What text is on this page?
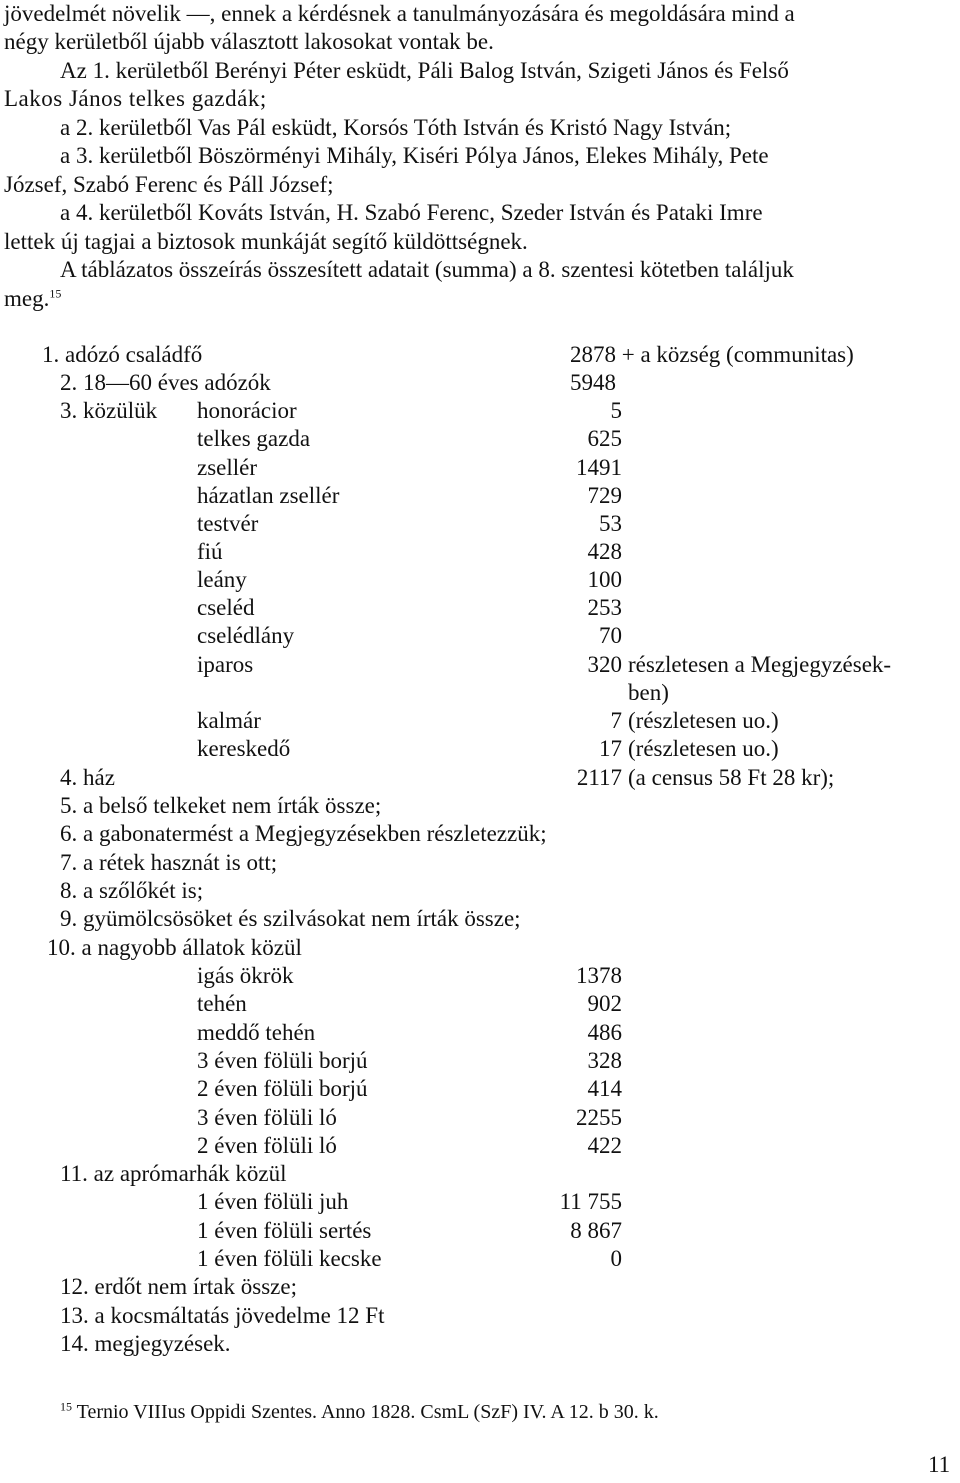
jövedelmét növelik —, ennek a kérdésnek a tanulmányozására és megoldására mind a
négy kerületből újabb választott lakosokat vontak be.
Az 1. kerületből Berényi Péter esküdt, Páli Balog István, Szigeti János és Felső
Lakos János telkes gazdák;
a 2. kerületből Vas Pál esküdt, Korsós Tóth István és Kristó Nagy István;
a 3. kerületből Böszörményi Mihály, Kiséri Pólya János, Elekes Mihály, Pete
József, Szabó Ferenc és Páll József;
a 4. kerületből Kováts István, H. Szabó Ferenc, Szeder István és Pataki Imre
lettek új tagjai a biztosok munkáját segítő küldöttségnek.
A táblázatos összeírás összesített adatait (summa) a 8. szentesi kötetben találjuk
meg.$^{15}$
1. adózó családfő	2878 + a község (communitas)
2. 18—60 éves adózók	5948
3. közülük honorácior	5
telkes gazda	625
zsellér	1491
házatlan zsellér	729
testvér	53
fiú	428
leány	100
cseléd	253
cselédlány	70
iparos	320 részletesen a Megjegyzések-
ben)
kalmár	7 (részletesen uo.)
kereskedő	17 (részletesen uo.)
4. ház	2117 (a census 58 Ft 28 kr);
5. a belső telkeket nem írták össze;
6. a gabonatermést a Megjegyzésekben részletezzük;
7. a rétek hasznát is ott;
8. a szőlőkét is;
9. gyümölcsösöket és szilvásokat nem írták össze;
10. a nagyobb állatok közül
igás ökrök	1378
tehén	902
meddő tehén	486
3 éven fölüli borjú	328
2 éven fölüli borjú	414
3 éven fölüli ló	2255
2 éven fölüli ló	422
11. az aprómarhák közül
1 éven fölüli juh	11 755
1 éven fölüli sertés	8 867
1 éven fölüli kecske	0
12. erdőt nem írtak össze;
13. a kocsmáltatás jövedelme 12 Ft
14. megjegyzések.
$^{15}$ Ternio VIIIus Oppidi Szentes. Anno 1828. CsmL (SzF) IV. A 12. b 30. k.
11
